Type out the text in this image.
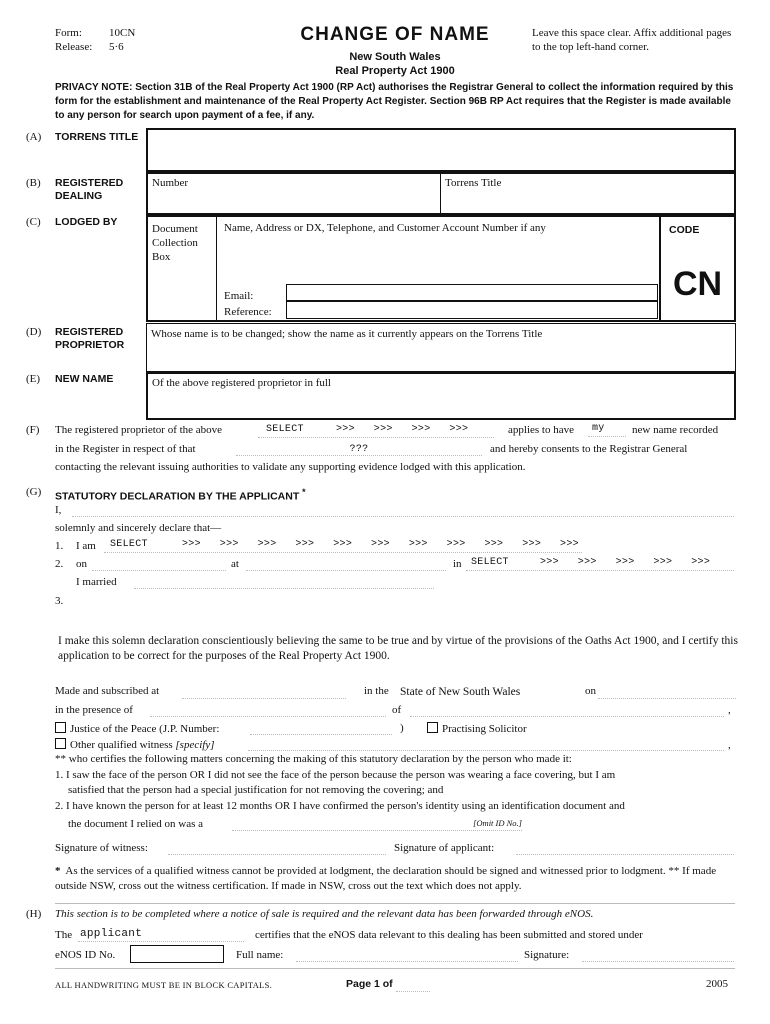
Form: 10CN
Release: 5·6
CHANGE OF NAME
New South Wales
Real Property Act 1900
Leave this space clear. Affix additional pages to the top left-hand corner.
PRIVACY NOTE: Section 31B of the Real Property Act 1900 (RP Act) authorises the Registrar General to collect the information required by this form for the establishment and maintenance of the Real Property Act Register. Section 96B RP Act requires that the Register is made available to any person for search upon payment of a fee, if any.
(A) TORRENS TITLE
(B) REGISTERED DEALING
Number	Torrens Title
(C) LODGED BY
Document Collection Box
Name, Address or DX, Telephone, and Customer Account Number if any
Email:
Reference:
CODE
CN
(D) REGISTERED PROPRIETOR
Whose name is to be changed; show the name as it currently appears on the Torrens Title
(E) NEW NAME	Of the above registered proprietor in full
(F) The registered proprietor of the above	SELECT	>>>   >>>   >>>   >>>	applies to have my new name recorded
in the Register in respect of that	???	and hereby consents to the Registrar General
contacting the relevant issuing authorities to validate any supporting evidence lodged with this application.
(G) STATUTORY DECLARATION BY THE APPLICANT *
I,
solemnly and sincerely declare that—
1. I am SELECT	>>>   >>>   >>>   >>>   >>>   >>>   >>>   >>>   >>>   >>>   >>>
2. on	at	in SELECT	>>>   >>>   >>>   >>>   >>>
I married
3.
I make this solemn declaration conscientiously believing the same to be true and by virtue of the provisions of the Oaths Act 1900, and I certify this application to be correct for the purposes of the Real Property Act 1900.
Made and subscribed at	in the State of New South Wales	on
in the presence of	of	,
Justice of the Peace (J.P. Number:	)	Practising Solicitor
Other qualified witness [specify]	,
** who certifies the following matters concerning the making of this statutory declaration by the person who made it:
1. I saw the face of the person OR I did not see the face of the person because the person was wearing a face covering, but I am
satisfied that the person had a special justification for not removing the covering; and
2. I have known the person for at least 12 months OR I have confirmed the person's identity using an identification document and
the document I relied on was a	[Omit ID No.]
Signature of witness:	Signature of applicant:
* As the services of a qualified witness cannot be provided at lodgment, the declaration should be signed and witnessed prior to lodgment. ** If made outside NSW, cross out the witness certification. If made in NSW, cross out the text which does not apply.
(H) This section is to be completed where a notice of sale is required and the relevant data has been forwarded through eNOS.
The applicant	certifies that the eNOS data relevant to this dealing has been submitted and stored under
eNOS ID No.	Full name:	Signature:
ALL HANDWRITING MUST BE IN BLOCK CAPITALS.	Page 1 of	2005
